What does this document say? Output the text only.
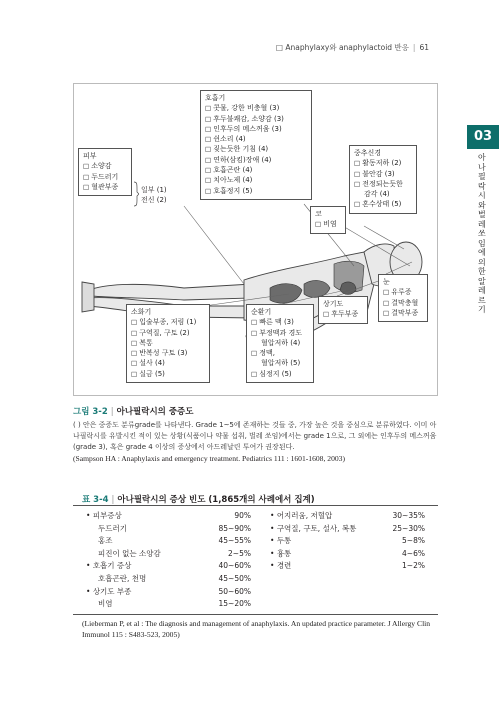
□ Anaphylaxy와 anaphylactoid 반응 | 61
03
아나필락시와 벌레 쏘임에 의한 알레르기
호흡기
□ 콧물, 강한 비충혈 (3)
□ 후두불쾌감, 소양감 (3)
□ 인후두의 메스꺼움 (3)
□ 쉰소리 (4)
□ 짖는듯한 기침 (4)
□ 연하(삼킴)장애 (4)
□ 호흡곤란 (4)
□ 치아노제 (4)
□ 호흡정지 (5)
중추신경
□ 활동저하 (2)
□ 불안감 (3)
□ 전정되는듯한
감각 (4)
□ 혼수상태 (5)
피부
□ 소양감
□ 두드러기
□ 혈관부종	일부 (1)
전신 (2)
코
□ 비염
눈
□ 유루증
□ 결막충혈
□ 결막부종
상기도
□ 후두부종
소화기
□ 입술부종, 저림 (1)
□ 구역질, 구토 (2)
□ 복통
□ 반복성 구토 (3)
□ 설사 (4)
□ 실금 (5)
순환기
□ 빠른 맥 (3)
□ 부정맥과 경도
혈압저하 (4)
□ 정맥,
혈압저하 (5)
□ 심정지 (5)
그림 3-2 | 아나필락시의 중증도
( ) 안은 중증도 분류grade를 나타낸다. Grade 1~5에 존재하는 것들 중, 가장 높은 것을 중심으로 분류하였다. 이미 아나필락시를 유발시킨 적이 있는 상황(식품이나 약물 섭취, 벌레 쏘임)에서는 grade 1으로, 그 외에는 인후두의 메스꺼움(grade 3), 혹은 grade 4 이상의 증상에서 아드레날린 투여가 권장된다.
(Sampson HA : Anaphylaxis and emergency treatment. Pediatrics 111 : 1601-1608, 2003)
표 3-4 | 아나필락시의 증상 빈도 (1,865개의 사례에서 집계)
• 피부증상	90%
두드러기	85~90%
홍조	45~55%
피진이 없는 소양감	2~5%
• 호흡기 증상	40~60%
호흡곤란, 천명	45~50%
• 상기도 부종	50~60%
비염	15~20%
• 어지러움, 저혈압	30~35%
• 구역질, 구토, 설사, 복통	25~30%
• 두통	5~8%
• 흉통	4~6%
• 경련	1~2%
(Lieberman P, et al : The diagnosis and management of anaphylaxis. An updated practice parameter. J Allergy Clin Immunol 115 : S483-523, 2005)
